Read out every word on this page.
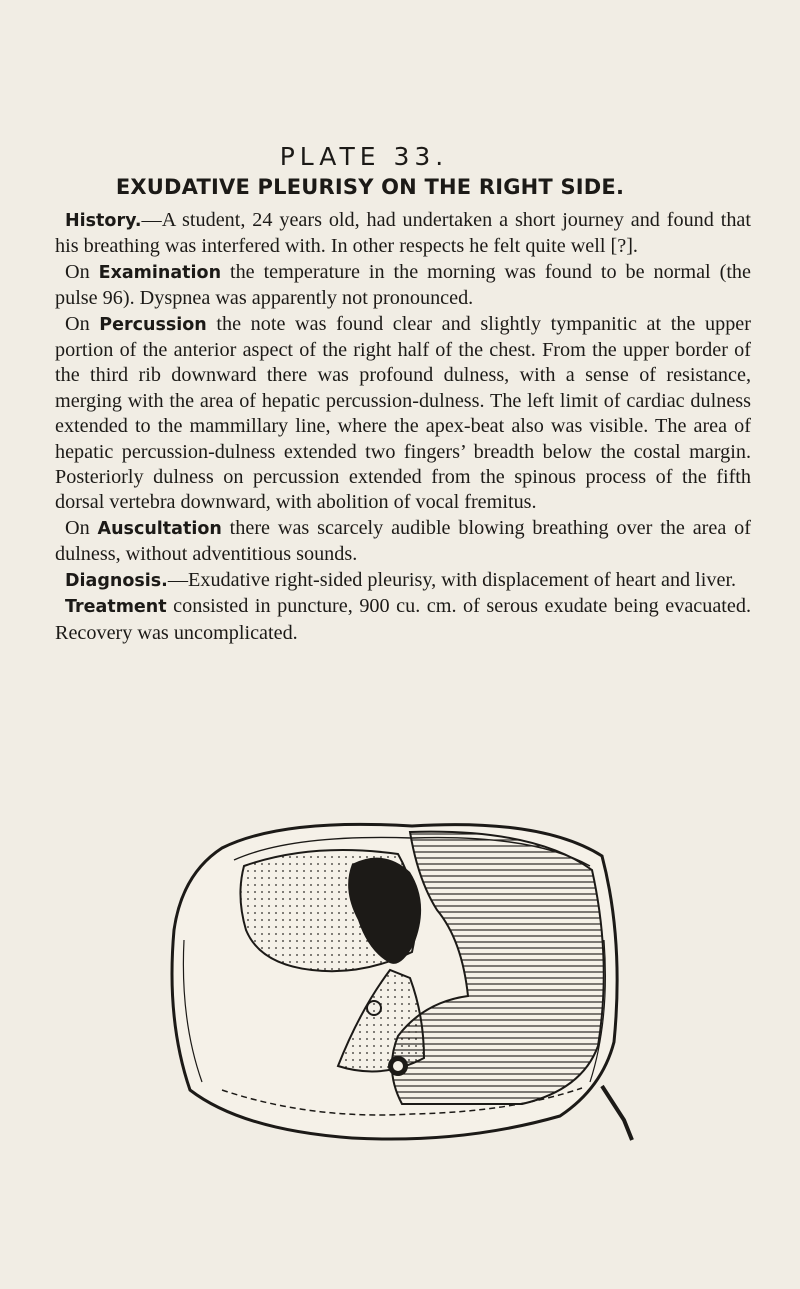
PLATE 33.
EXUDATIVE PLEURISY ON THE RIGHT SIDE.

History.—A student, 24 years old, had undertaken a short journey and found that his breathing was interfered with. In other respects he felt quite well [?].

On Examination the temperature in the morning was found to be normal (the pulse 96). Dyspnea was apparently not pronounced.

On Percussion the note was found clear and slightly tympanitic at the upper portion of the anterior aspect of the right half of the chest. From the upper border of the third rib downward there was profound dulness, with a sense of resistance, merging with the area of hepatic percussion-dulness. The left limit of cardiac dulness extended to the mammillary line, where the apex-beat also was visible. The area of hepatic percussion-dulness extended two fingers’ breadth below the costal margin. Posteriorly dulness on percussion extended from the spinous process of the fifth dorsal vertebra downward, with abolition of vocal fremitus.

On Auscultation there was scarcely audible blowing breathing over the area of dulness, without adventitious sounds.

Diagnosis.—Exudative right-sided pleurisy, with displacement of heart and liver.

Treatment consisted in puncture, 900 cu. cm. of serous exudate being evacuated. Recovery was uncomplicated.
